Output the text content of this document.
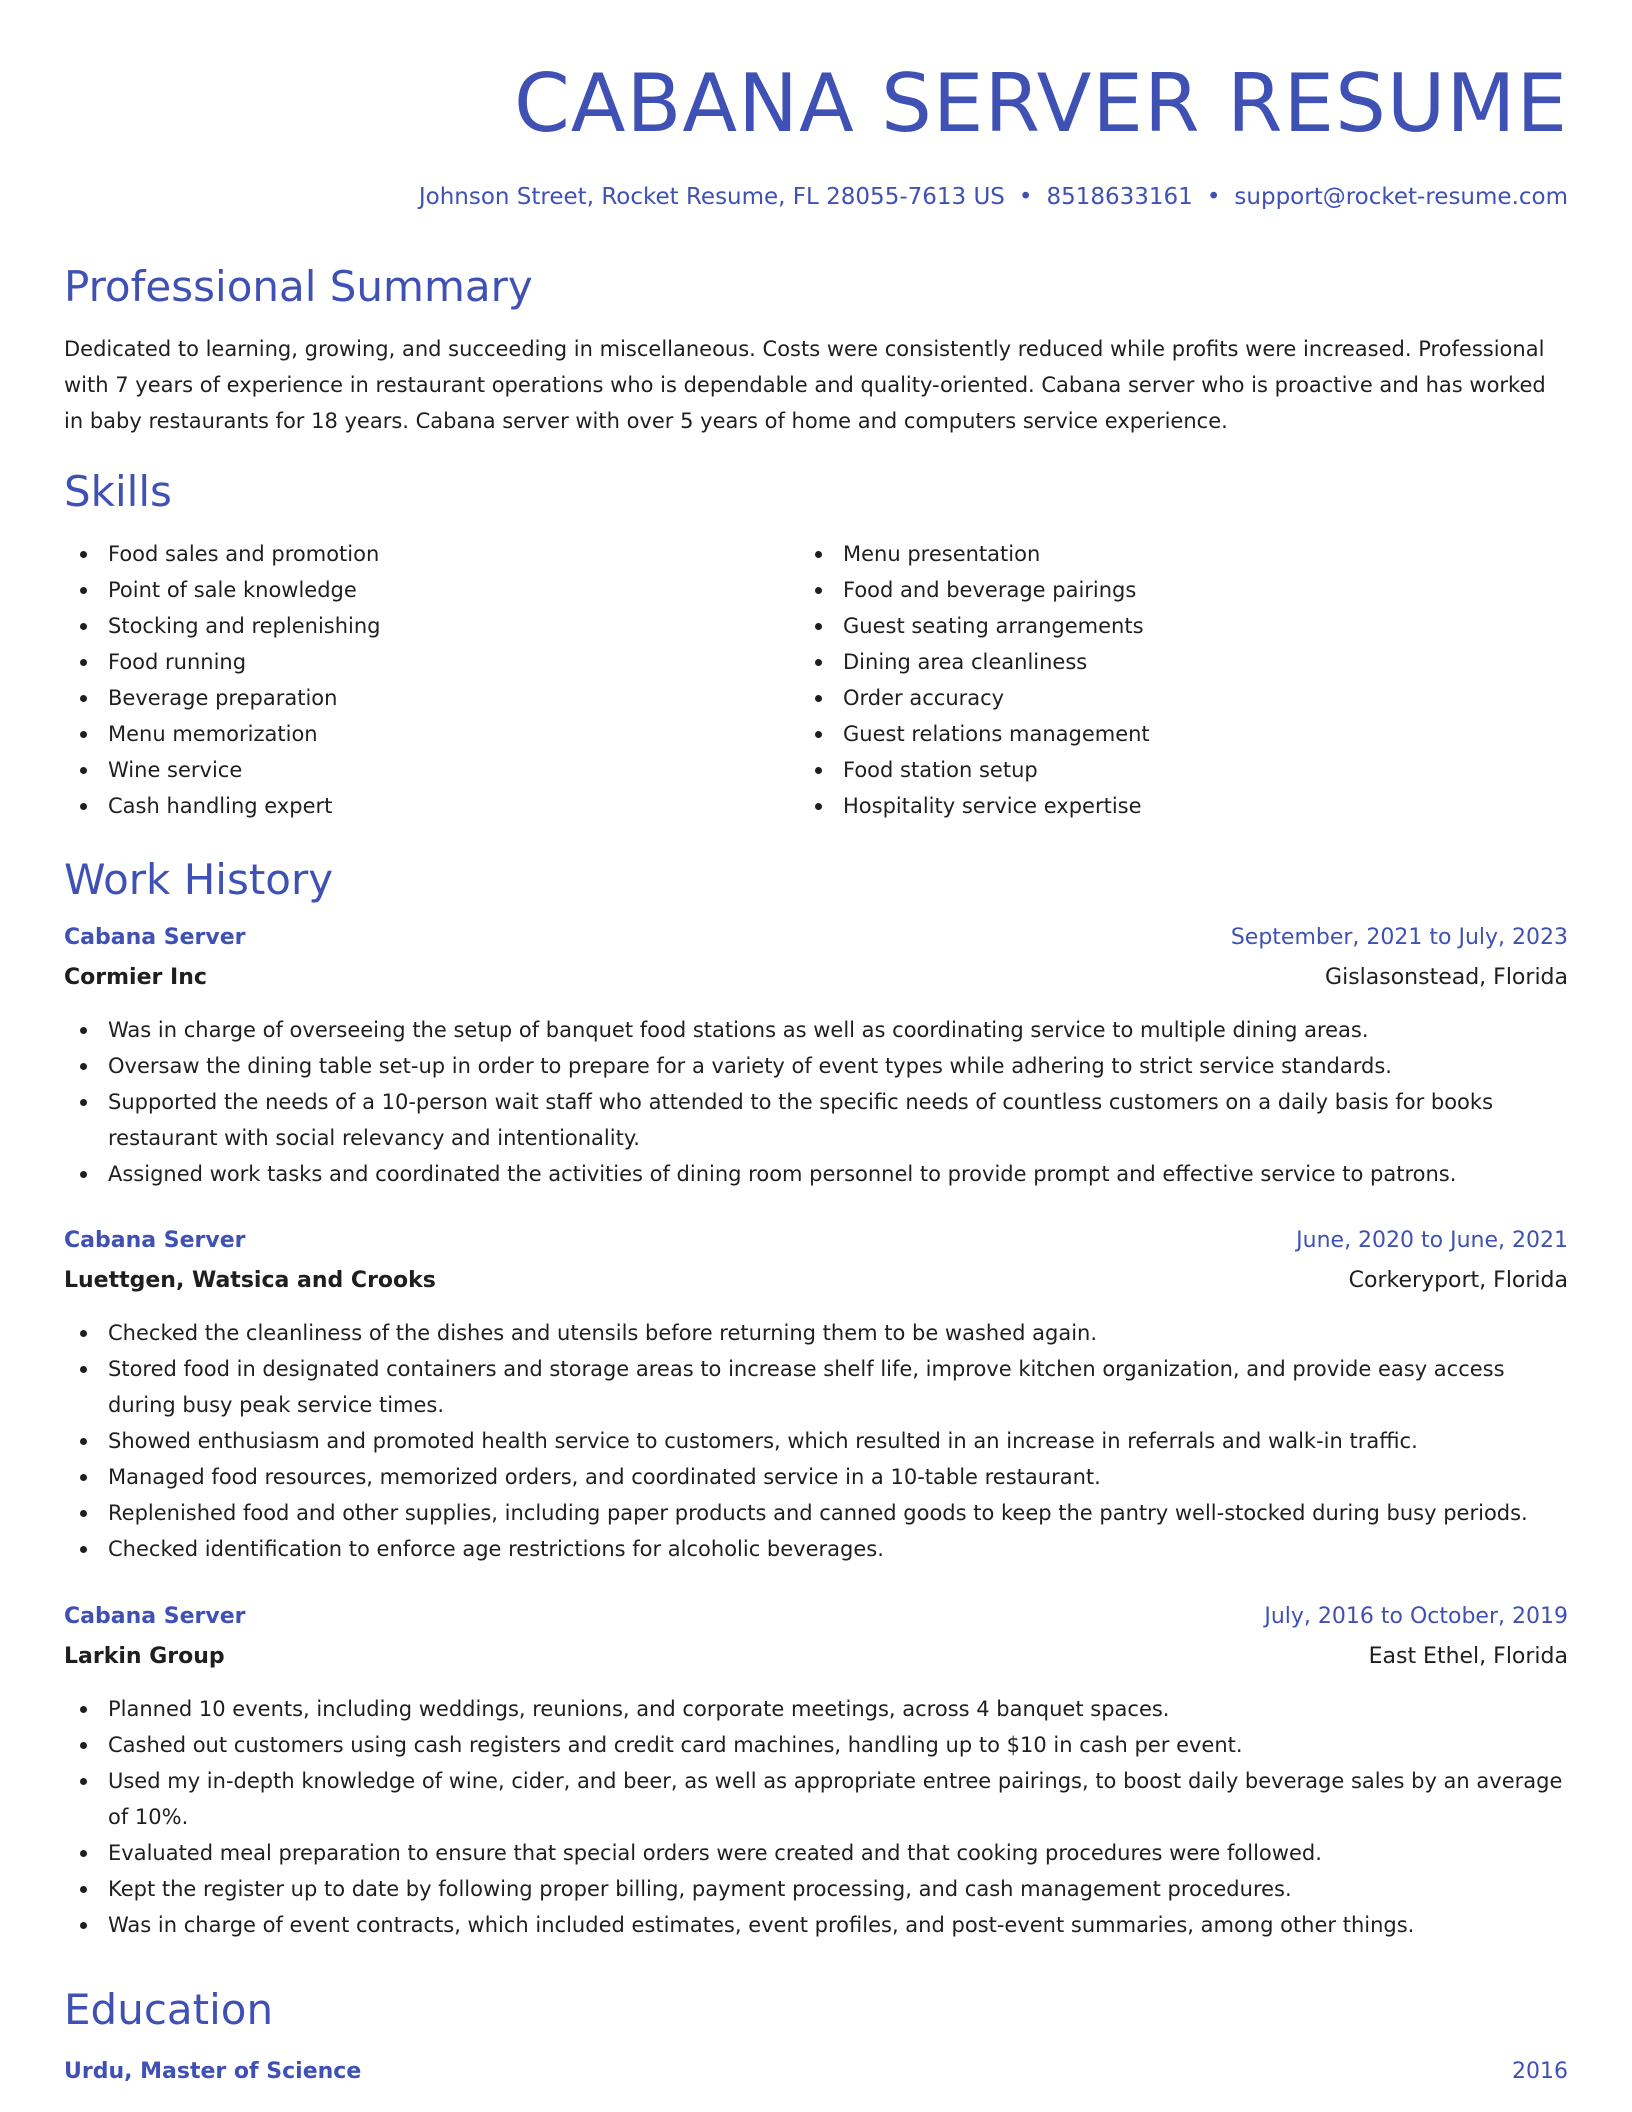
CABANA SERVER RESUME
Johnson Street, Rocket Resume, FL 28055-7613 US • 8518633161 • support@rocket-resume.com
Professional Summary

Dedicated to learning, growing, and succeeding in miscellaneous. Costs were consistently reduced while profits were increased. Professional with 7 years of experience in restaurant operations who is dependable and quality-oriented. Cabana server who is proactive and has worked in baby restaurants for 18 years. Cabana server with over 5 years of home and computers service experience.

Skills
Food sales and promotion
Point of sale knowledge
Stocking and replenishing
Food running
Beverage preparation
Menu memorization
Wine service
Cash handling expert
Menu presentation
Food and beverage pairings
Guest seating arrangements
Dining area cleanliness
Order accuracy
Guest relations management
Food station setup
Hospitality service expertise
Work History
Cabana Server	September, 2021 to July, 2023
Cormier Inc	Gislasonstead, Florida
Was in charge of overseeing the setup of banquet food stations as well as coordinating service to multiple dining areas.
Oversaw the dining table set-up in order to prepare for a variety of event types while adhering to strict service standards.
Supported the needs of a 10-person wait staff who attended to the specific needs of countless customers on a daily basis for books restaurant with social relevancy and intentionality.
Assigned work tasks and coordinated the activities of dining room personnel to provide prompt and effective service to patrons.
Cabana Server	June, 2020 to June, 2021
Luettgen, Watsica and Crooks	Corkeryport, Florida
Checked the cleanliness of the dishes and utensils before returning them to be washed again.
Stored food in designated containers and storage areas to increase shelf life, improve kitchen organization, and provide easy access during busy peak service times.
Showed enthusiasm and promoted health service to customers, which resulted in an increase in referrals and walk-in traffic.
Managed food resources, memorized orders, and coordinated service in a 10-table restaurant.
Replenished food and other supplies, including paper products and canned goods to keep the pantry well-stocked during busy periods.
Checked identification to enforce age restrictions for alcoholic beverages.
Cabana Server	July, 2016 to October, 2019
Larkin Group	East Ethel, Florida
Planned 10 events, including weddings, reunions, and corporate meetings, across 4 banquet spaces.
Cashed out customers using cash registers and credit card machines, handling up to $10 in cash per event.
Used my in-depth knowledge of wine, cider, and beer, as well as appropriate entree pairings, to boost daily beverage sales by an average of 10%.
Evaluated meal preparation to ensure that special orders were created and that cooking procedures were followed.
Kept the register up to date by following proper billing, payment processing, and cash management procedures.
Was in charge of event contracts, which included estimates, event profiles, and post-event summaries, among other things.
Education
Urdu, Master of Science	2016
